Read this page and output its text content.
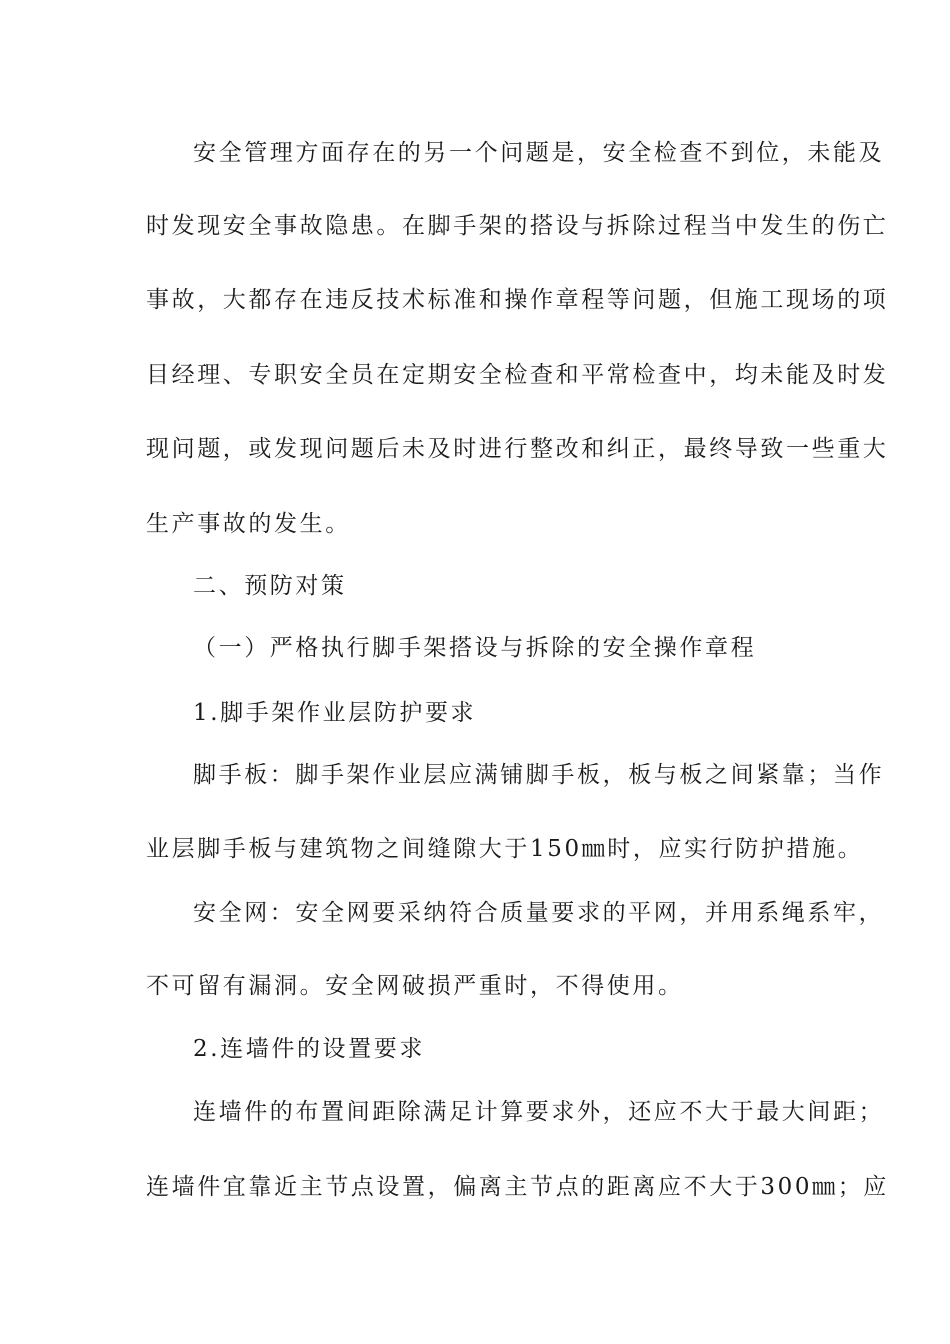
安全管理方面存在的另一个问题是，安全检查不到位，未能及
时发现安全事故隐患。在脚手架的搭设与拆除过程当中发生的伤亡
事故，大都存在违反技术标准和操作章程等问题，但施工现场的项
目经理、专职安全员在定期安全检查和平常检查中，均未能及时发
现问题，或发现问题后未及时进行整改和纠正，最终导致一些重大
生产事故的发生。
二、预防对策
（一）严格执行脚手架搭设与拆除的安全操作章程
1.脚手架作业层防护要求
脚手板：脚手架作业层应满铺脚手板，板与板之间紧靠；当作
业层脚手板与建筑物之间缝隙大于150㎜时，应实行防护措施。
安全网：安全网要采纳符合质量要求的平网，并用系绳系牢，
不可留有漏洞。安全网破损严重时，不得使用。
2.连墙件的设置要求
连墙件的布置间距除满足计算要求外，还应不大于最大间距；
连墙件宜靠近主节点设置，偏离主节点的距离应不大于300㎜；应
